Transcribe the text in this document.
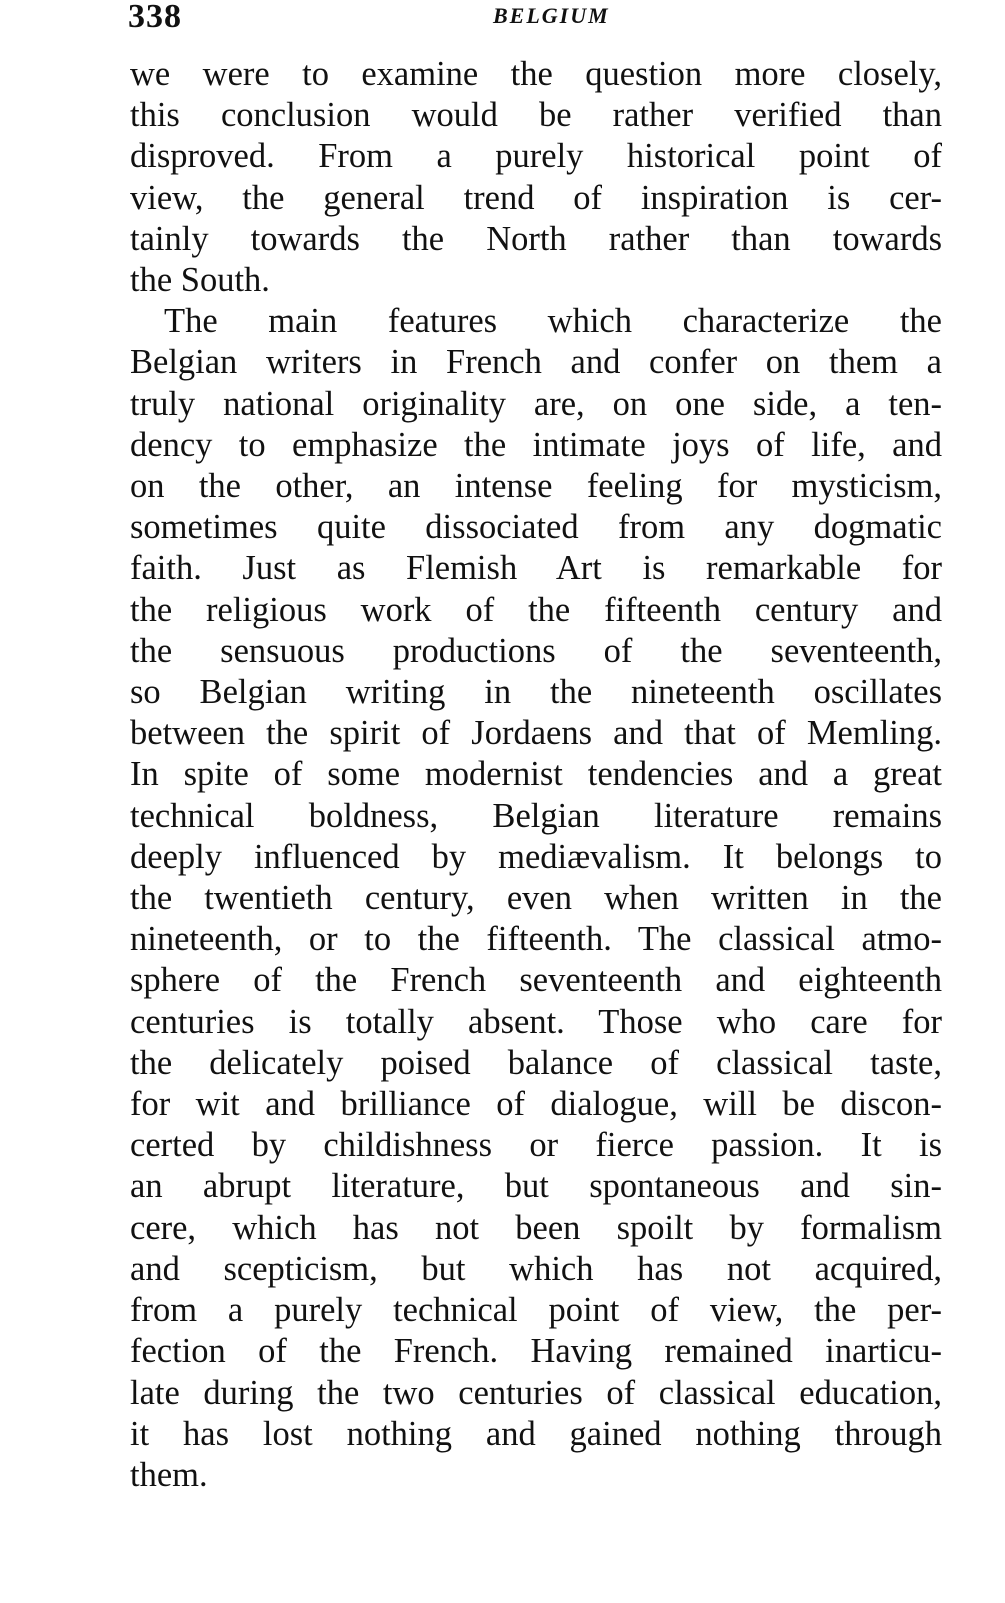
338	BELGIUM
we were to examine the question more closely,
this conclusion would be rather verified than
disproved. From a purely historical point of
view, the general trend of inspiration is cer-
tainly towards the North rather than towards
the South.
The main features which characterize the
Belgian writers in French and confer on them a
truly national originality are, on one side, a ten-
dency to emphasize the intimate joys of life, and
on the other, an intense feeling for mysticism,
sometimes quite dissociated from any dogmatic
faith. Just as Flemish Art is remarkable for
the religious work of the fifteenth century and
the sensuous productions of the seventeenth,
so Belgian writing in the nineteenth oscillates
between the spirit of Jordaens and that of Memling.
In spite of some modernist tendencies and a great
technical boldness, Belgian literature remains
deeply influenced by mediævalism. It belongs to
the twentieth century, even when written in the
nineteenth, or to the fifteenth. The classical atmo-
sphere of the French seventeenth and eighteenth
centuries is totally absent. Those who care for
the delicately poised balance of classical taste,
for wit and brilliance of dialogue, will be discon-
certed by childishness or fierce passion. It is
an abrupt literature, but spontaneous and sin-
cere, which has not been spoilt by formalism
and scepticism, but which has not acquired,
from a purely technical point of view, the per-
fection of the French. Having remained inarticu-
late during the two centuries of classical education,
it has lost nothing and gained nothing through
them.
